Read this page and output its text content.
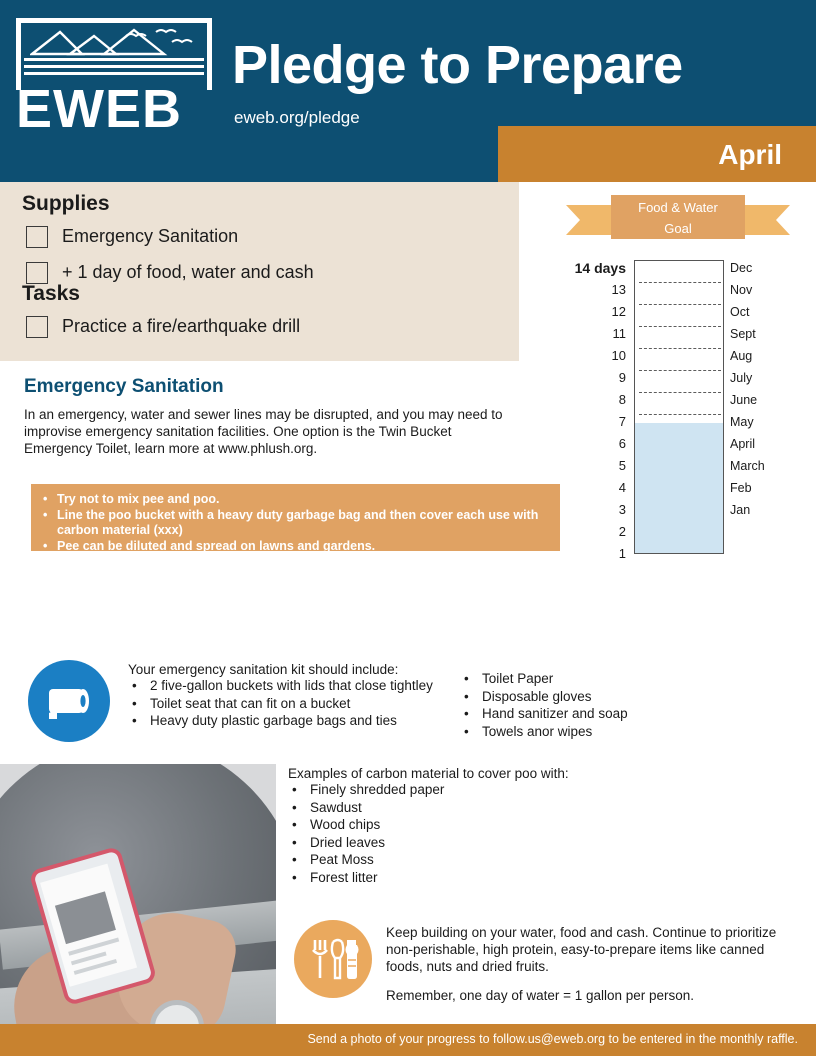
EWEB
Pledge to Prepare
eweb.org/pledge
April
Supplies
Emergency Sanitation
+ 1 day of food, water and cash
Tasks
Practice a fire/earthquake drill
Food & Water
Goal
14 days
13
12
11
10
9
8
7
6
5
4
3
2
1
Dec
Nov
Oct
Sept
Aug
July
June
May
April
March
Feb
Jan
Emergency Sanitation
In an emergency, water and sewer lines may be disrupted, and you may need to improvise emergency sanitation facilities. One option is the Twin Bucket Emergency Toilet, learn more at www.phlush.org.
• Try not to mix pee and poo.
• Line the poo bucket with a heavy duty garbage bag and then cover each use with carbon material (xxx)
• Pee can be diluted and spread on lawns and gardens.
Your emergency sanitation kit should include:
• 2 five-gallon buckets with lids that close tightley
• Toilet seat that can fit on a bucket
• Heavy duty plastic garbage bags and ties
• Toilet Paper
• Disposable gloves
• Hand sanitizer and soap
• Towels anor wipes
Examples of carbon material to cover poo with:
• Finely shredded paper
• Sawdust
• Wood chips
• Dried leaves
• Peat Moss
• Forest litter
Keep building on your water, food and cash. Continue to prioritize non-perishable, high protein, easy-to-prepare items like canned foods, nuts and dried fruits.
Remember, one day of water = 1 gallon per person.
Send a photo of your progress to follow.us@eweb.org to be entered in the monthly raffle.
